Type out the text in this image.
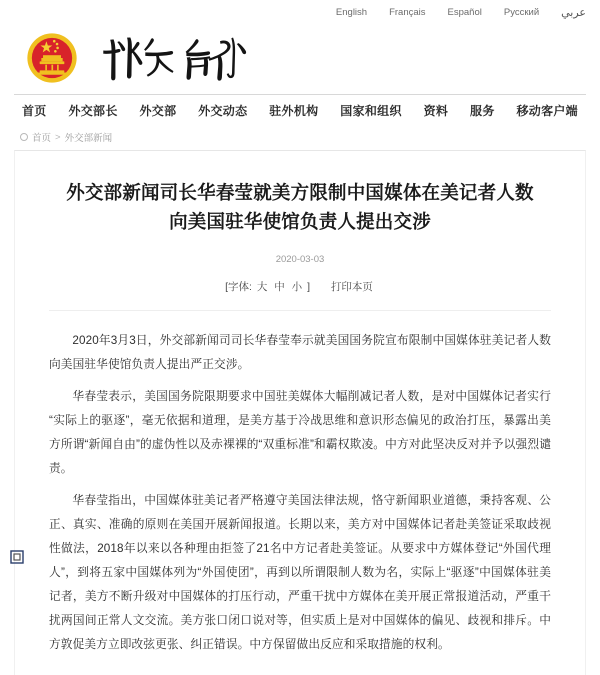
English Français Español Русский عربي
首页 外交部长 外交部 外交动态 驻外机构 国家和组织 资料 服务 移动客户端
首页 > 外交部新闻
外交部新闻司长华春莹就美方限制中国媒体在美记者人数向美国驻华使馆负责人提出交涉
2020-03-03
[字体: 大 中 小 ] 打印本页

2020年3月3日，外交部新闻司司长华春莹奉示就美国国务院宣布限制中国媒体驻美记者人数向美国驻华使馆负责人提出严正交涉。

华春莹表示，美国国务院限期要求中国驻美媒体大幅削减记者人数，是对中国媒体记者实行“实际上的驱逐”，毫无依据和道理，是美方基于冷战思维和意识形态偏见的政治打压，暴露出美方所谓“新闻自由”的虚伪性以及赤裸裸的“双重标准”和霸权欺凌。中方对此坚决反对并予以强烈谴责。

华春莹指出，中国媒体驻美记者严格遵守美国法律法规，恪守新闻职业道德，秉持客观、公正、真实、准确的原则在美国开展新闻报道。长期以来，美方对中国媒体记者赴美签证采取歧视性做法，2018年以来以各种理由拒签了21名中方记者赴美签证。从要求中方媒体登记“外国代理人”，到将五家中国媒体列为“外国使团”，再到以所谓限制人数为名，实际上“驱逐”中国媒体驻美记者，美方不断升级对中国媒体的打压行动，严重干扰中方媒体在美开展正常报道活动，严重干扰两国间正常人文交流。美方张口闭口说对等，但实质上是对中国媒体的偏见、歧视和排斥。中方敦促美方立即改弦更张、纠正错误。中方保留做出反应和采取措施的权利。
